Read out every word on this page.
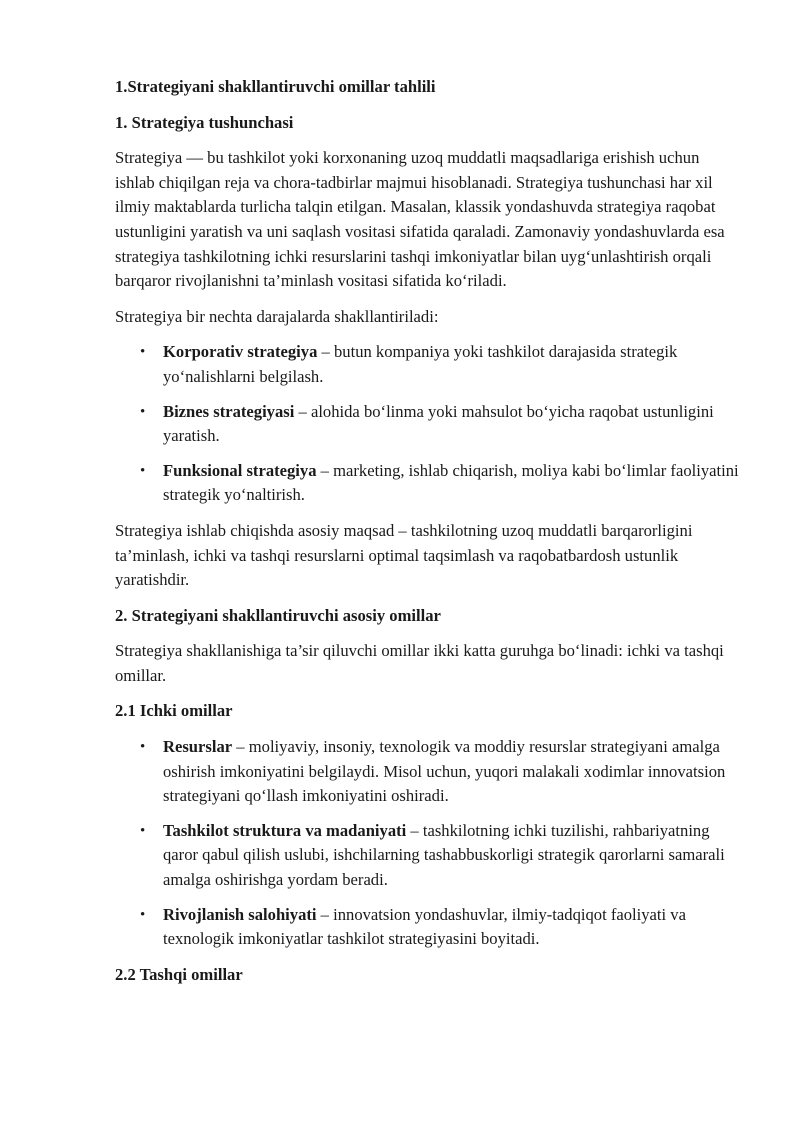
1.Strategiyani shakllantiruvchi omillar tahlili

1. Strategiya tushunchasi

Strategiya — bu tashkilot yoki korxonaning uzoq muddatli maqsadlariga erishish uchun ishlab chiqilgan reja va chora-tadbirlar majmui hisoblanadi. Strategiya tushunchasi har xil ilmiy maktablarda turlicha talqin etilgan. Masalan, klassik yondashuvda strategiya raqobat ustunligini yaratish va uni saqlash vositasi sifatida qaraladi. Zamonaviy yondashuvlarda esa strategiya tashkilotning ichki resurslarini tashqi imkoniyatlar bilan uyg‘unlashtirish orqali barqaror rivojlanishni ta’minlash vositasi sifatida ko‘riladi.

Strategiya bir nechta darajalarda shakllantiriladi:

• Korporativ strategiya – butun kompaniya yoki tashkilot darajasida strategik yo‘nalishlarni belgilash.
• Biznes strategiyasi – alohida bo‘linma yoki mahsulot bo‘yicha raqobat ustunligini yaratish.
• Funksional strategiya – marketing, ishlab chiqarish, moliya kabi bo‘limlar faoliyatini strategik yo‘naltirish.

Strategiya ishlab chiqishda asosiy maqsad – tashkilotning uzoq muddatli barqarorligini ta’minlash, ichki va tashqi resurslarni optimal taqsimlash va raqobatbardosh ustunlik yaratishdir.

2. Strategiyani shakllantiruvchi asosiy omillar

Strategiya shakllanishiga ta’sir qiluvchi omillar ikki katta guruhga bo‘linadi: ichki va tashqi omillar.

2.1 Ichki omillar

• Resurslar – moliyaviy, insoniy, texnologik va moddiy resurslar strategiyani amalga oshirish imkoniyatini belgilaydi. Misol uchun, yuqori malakali xodimlar innovatsion strategiyani qo‘llash imkoniyatini oshiradi.
• Tashkilot struktura va madaniyati – tashkilotning ichki tuzilishi, rahbariyatning qaror qabul qilish uslubi, ishchilarning tashabbuskorligi strategik qarorlarni samarali amalga oshirishga yordam beradi.
• Rivojlanish salohiyati – innovatsion yondashuvlar, ilmiy-tadqiqot faoliyati va texnologik imkoniyatlar tashkilot strategiyasini boyitadi.

2.2 Tashqi omillar
